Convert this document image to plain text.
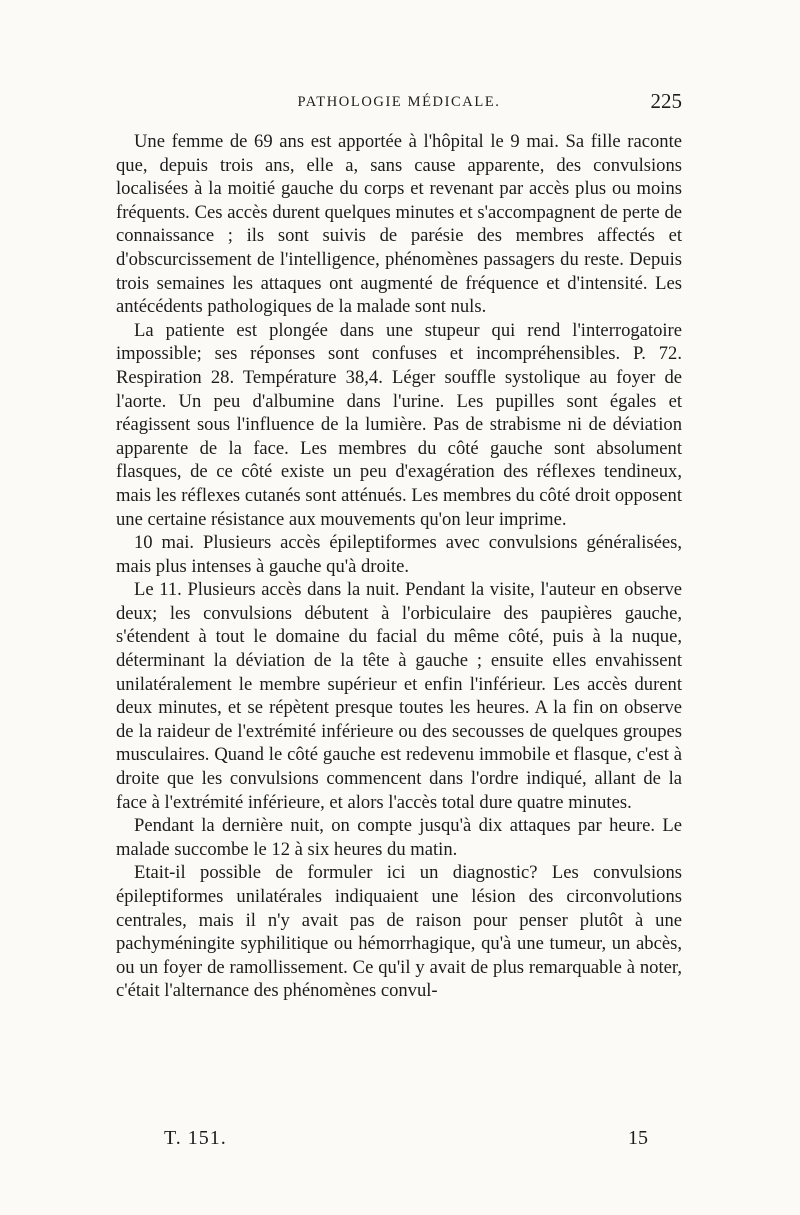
PATHOLOGIE MÉDICALE.	225

Une femme de 69 ans est apportée à l'hôpital le 9 mai. Sa fille raconte que, depuis trois ans, elle a, sans cause apparente, des convulsions localisées à la moitié gauche du corps et revenant par accès plus ou moins fréquents. Ces accès durent quelques minutes et s'accompagnent de perte de connaissance ; ils sont suivis de parésie des membres affectés et d'obscurcissement de l'intelligence, phénomènes passagers du reste. Depuis trois semaines les attaques ont augmenté de fréquence et d'intensité. Les antécédents pathologiques de la malade sont nuls.

La patiente est plongée dans une stupeur qui rend l'interrogatoire impossible; ses réponses sont confuses et incompréhensibles. P. 72. Respiration 28. Température 38,4. Léger souffle systolique au foyer de l'aorte. Un peu d'albumine dans l'urine. Les pupilles sont égales et réagissent sous l'influence de la lumière. Pas de strabisme ni de déviation apparente de la face. Les membres du côté gauche sont absolument flasques, de ce côté existe un peu d'exagération des réflexes tendineux, mais les réflexes cutanés sont atténués. Les membres du côté droit opposent une certaine résistance aux mouvements qu'on leur imprime.

10 mai. Plusieurs accès épileptiformes avec convulsions généralisées, mais plus intenses à gauche qu'à droite.

Le 11. Plusieurs accès dans la nuit. Pendant la visite, l'auteur en observe deux; les convulsions débutent à l'orbiculaire des paupières gauche, s'étendent à tout le domaine du facial du même côté, puis à la nuque, déterminant la déviation de la tête à gauche ; ensuite elles envahissent unilatéralement le membre supérieur et enfin l'inférieur. Les accès durent deux minutes, et se répètent presque toutes les heures. A la fin on observe de la raideur de l'extrémité inférieure ou des secousses de quelques groupes musculaires. Quand le côté gauche est redevenu immobile et flasque, c'est à droite que les convulsions commencent dans l'ordre indiqué, allant de la face à l'extrémité inférieure, et alors l'accès total dure quatre minutes.

Pendant la dernière nuit, on compte jusqu'à dix attaques par heure. Le malade succombe le 12 à six heures du matin.

Etait-il possible de formuler ici un diagnostic? Les convulsions épileptiformes unilatérales indiquaient une lésion des circonvolutions centrales, mais il n'y avait pas de raison pour penser plutôt à une pachyméningite syphilitique ou hémorrhagique, qu'à une tumeur, un abcès, ou un foyer de ramollissement. Ce qu'il y avait de plus remarquable à noter, c'était l'alternance des phénomènes convul-

T. 151.	15
